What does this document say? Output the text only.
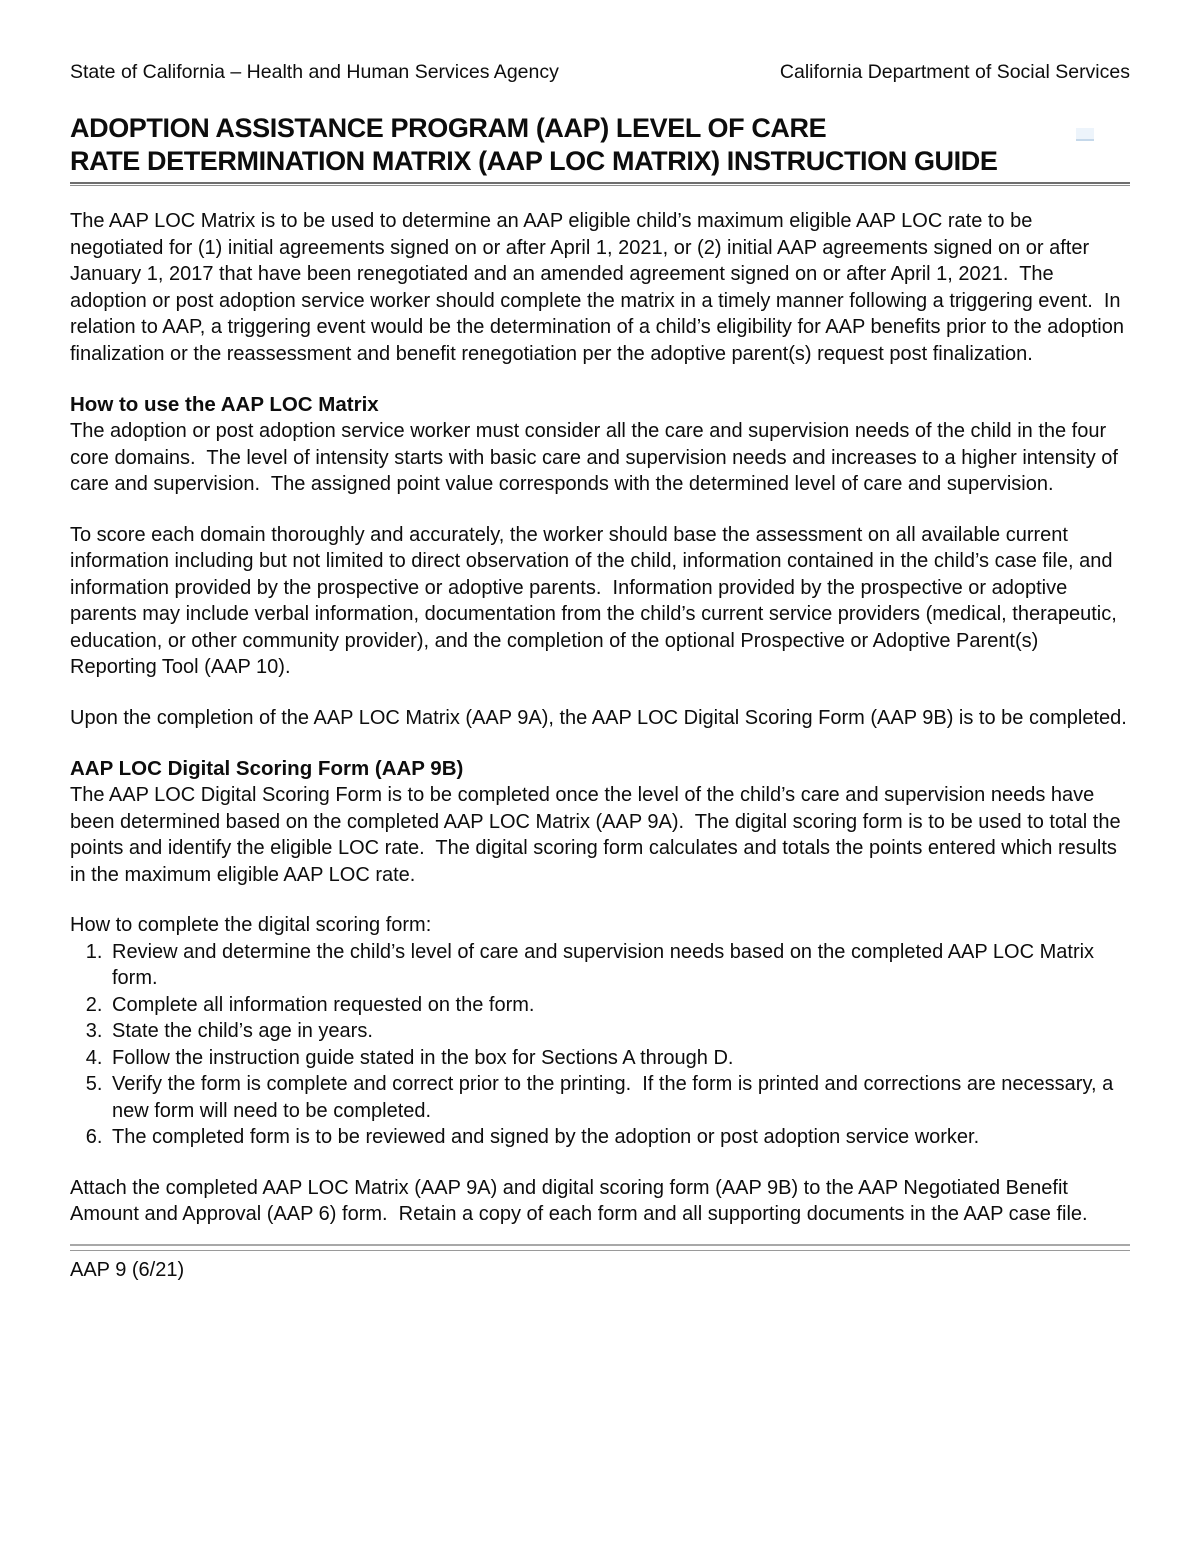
State of California – Health and Human Services Agency	California Department of Social Services
ADOPTION ASSISTANCE PROGRAM (AAP) LEVEL OF CARE
RATE DETERMINATION MATRIX (AAP LOC MATRIX) INSTRUCTION GUIDE

The AAP LOC Matrix is to be used to determine an AAP eligible child’s maximum eligible AAP LOC rate to be negotiated for (1) initial agreements signed on or after April 1, 2021, or (2) initial AAP agreements signed on or after January 1, 2017 that have been renegotiated and an amended agreement signed on or after April 1, 2021.  The adoption or post adoption service worker should complete the matrix in a timely manner following a triggering event.  In relation to AAP, a triggering event would be the determination of a child’s eligibility for AAP benefits prior to the adoption finalization or the reassessment and benefit renegotiation per the adoptive parent(s) request post finalization.

How to use the AAP LOC Matrix

The adoption or post adoption service worker must consider all the care and supervision needs of the child in the four core domains.  The level of intensity starts with basic care and supervision needs and increases to a higher intensity of care and supervision.  The assigned point value corresponds with the determined level of care and supervision.

To score each domain thoroughly and accurately, the worker should base the assessment on all available current information including but not limited to direct observation of the child, information contained in the child’s case file, and information provided by the prospective or adoptive parents.  Information provided by the prospective or adoptive parents may include verbal information, documentation from the child’s current service providers (medical, therapeutic, education, or other community provider), and the completion of the optional Prospective or Adoptive Parent(s) Reporting Tool (AAP 10).

Upon the completion of the AAP LOC Matrix (AAP 9A), the AAP LOC Digital Scoring Form (AAP 9B) is to be completed.

AAP LOC Digital Scoring Form (AAP 9B)

The AAP LOC Digital Scoring Form is to be completed once the level of the child’s care and supervision needs have been determined based on the completed AAP LOC Matrix (AAP 9A).  The digital scoring form is to be used to total the points and identify the eligible LOC rate.  The digital scoring form calculates and totals the points entered which results in the maximum eligible AAP LOC rate.

How to complete the digital scoring form:

1. Review and determine the child’s level of care and supervision needs based on the completed AAP LOC Matrix form.
2. Complete all information requested on the form.
3. State the child’s age in years.
4. Follow the instruction guide stated in the box for Sections A through D.
5. Verify the form is complete and correct prior to the printing.  If the form is printed and corrections are necessary, a new form will need to be completed.
6. The completed form is to be reviewed and signed by the adoption or post adoption service worker.

Attach the completed AAP LOC Matrix (AAP 9A) and digital scoring form (AAP 9B) to the AAP Negotiated Benefit Amount and Approval (AAP 6) form.  Retain a copy of each form and all supporting documents in the AAP case file.

AAP 9 (6/21)
